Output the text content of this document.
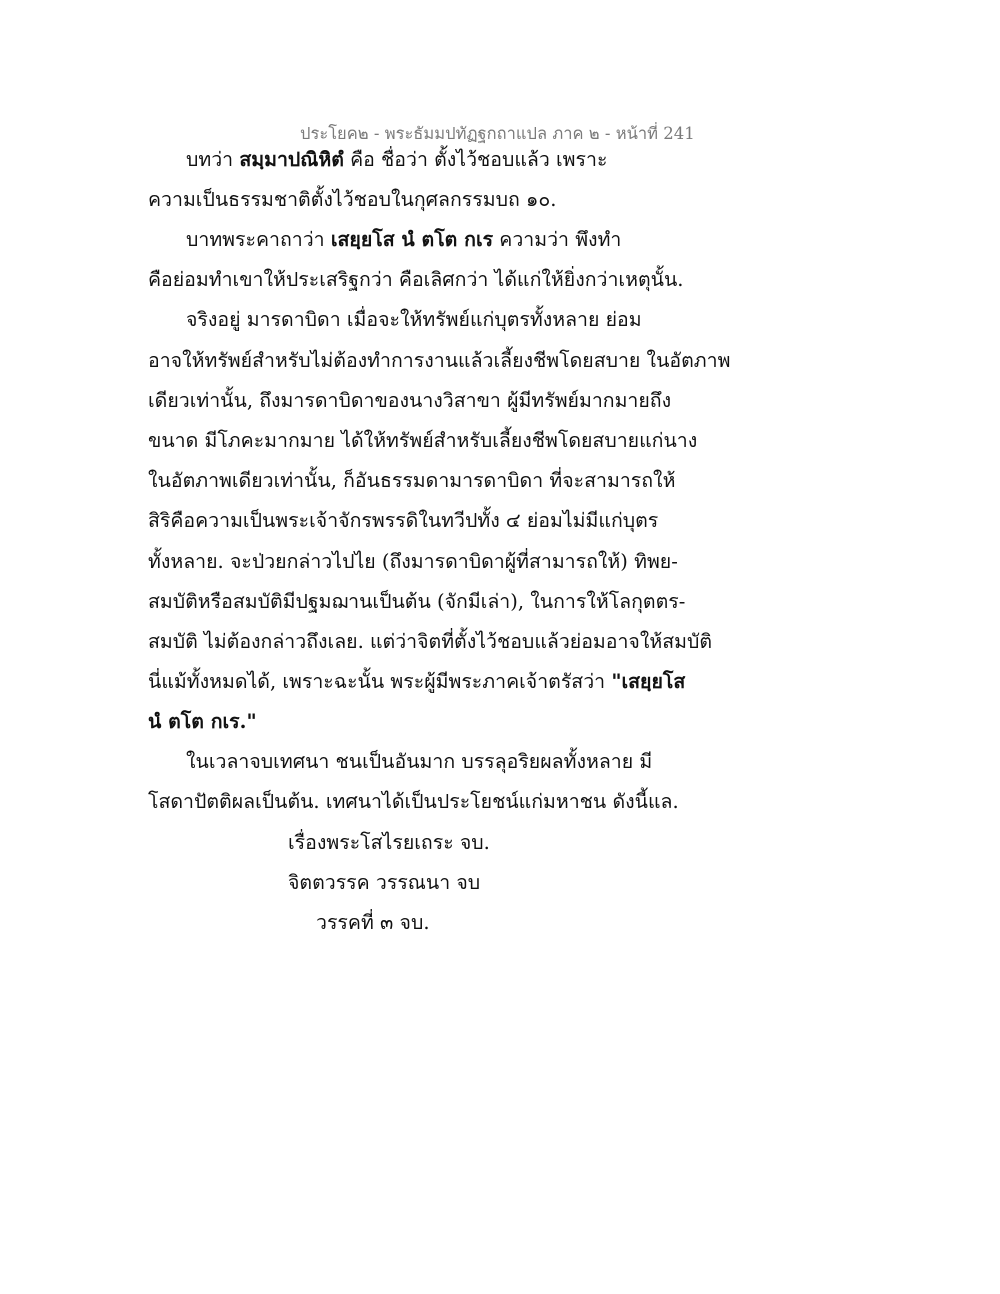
ประโยค๒ - พระธัมมปทัฏฐกถาแปล ภาค ๒ - หน้าที่ 241
บทว่า สมฺมาปณิหิตํ คือ ชื่อว่า ตั้งไว้ชอบแล้ว เพราะ
ความเป็นธรรมชาติตั้งไว้ชอบในกุศลกรรมบถ ๑๐.
บาทพระคาถาว่า เสยฺยโส นํ ตโต กเร ความว่า พึงทำ
คือย่อมทำเขาให้ประเสริฐกว่า คือเลิศกว่า ได้แก่ให้ยิ่งกว่าเหตุนั้น.
จริงอยู่ มารดาบิดา เมื่อจะให้ทรัพย์แก่บุตรทั้งหลาย ย่อม
อาจให้ทรัพย์สำหรับไม่ต้องทำการงานแล้วเลี้ยงชีพโดยสบาย ในอัตภาพ
เดียวเท่านั้น, ถึงมารดาบิดาของนางวิสาขา ผู้มีทรัพย์มากมายถึง
ขนาด มีโภคะมากมาย ได้ให้ทรัพย์สำหรับเลี้ยงชีพโดยสบายแก่นาง
ในอัตภาพเดียวเท่านั้น, ก็อันธรรมดามารดาบิดา ที่จะสามารถให้
สิริคือความเป็นพระเจ้าจักรพรรดิในทวีปทั้ง ๔ ย่อมไม่มีแก่บุตร
ทั้งหลาย. จะป่วยกล่าวไปไย (ถึงมารดาบิดาผู้ที่สามารถให้) ทิพย-
สมบัติหรือสมบัติมีปฐมฌานเป็นต้น (จักมีเล่า), ในการให้โลกุตตร-
สมบัติ ไม่ต้องกล่าวถึงเลย. แต่ว่าจิตที่ตั้งไว้ชอบแล้วย่อมอาจให้สมบัติ
นี่แม้ทั้งหมดได้, เพราะฉะนั้น พระผู้มีพระภาคเจ้าตรัสว่า "เสยฺยโส
นํ ตโต กเร."
ในเวลาจบเทศนา ชนเป็นอันมาก บรรลุอริยผลทั้งหลาย มี
โสดาปัตติผลเป็นต้น. เทศนาได้เป็นประโยชน์แก่มหาชน ดังนี้แล.
เรื่องพระโสไรยเถระ จบ.
จิตตวรรค วรรณนา จบ
วรรคที่ ๓ จบ.
